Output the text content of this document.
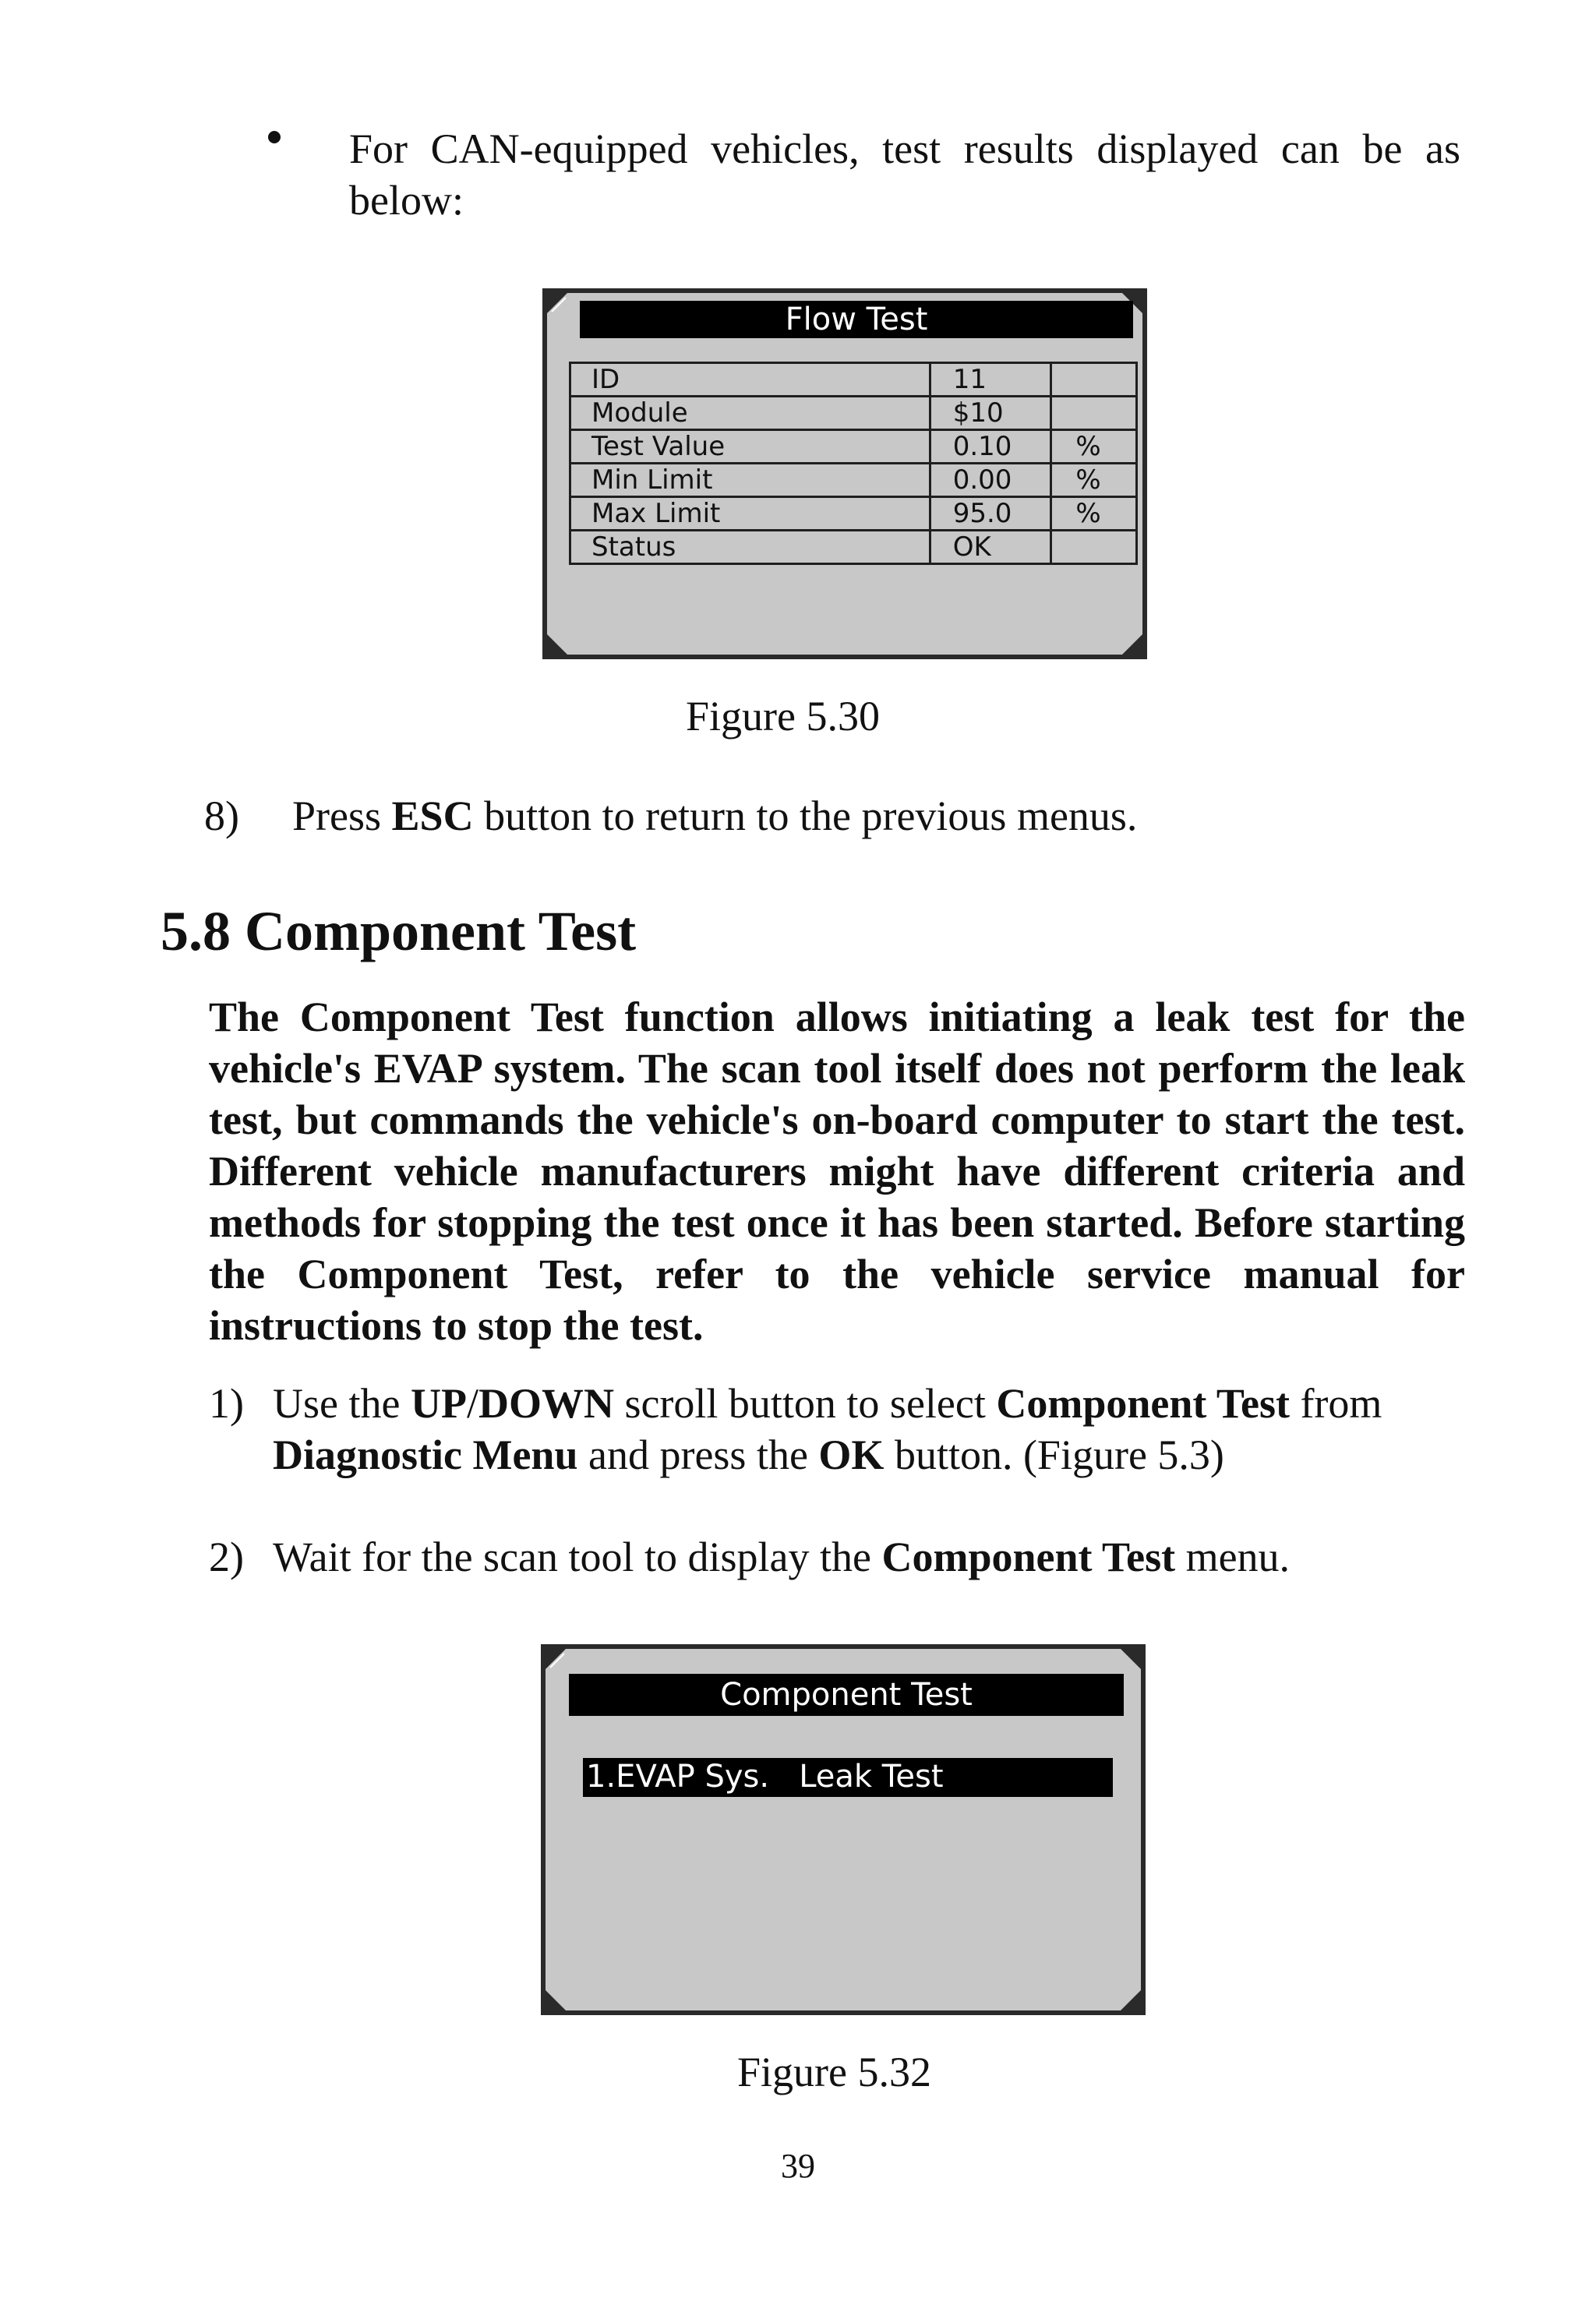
For CAN-equipped vehicles, test results displayed can be as below:
Flow Test
ID	11	
Module	$10	
Test Value	0.10	%
Min Limit	0.00	%
Max Limit	95.0	%
Status	OK	
Figure 5.30
8) Press ESC button to return to the previous menus.
5.8 Component Test
The Component Test function allows initiating a leak test for the vehicle's EVAP system. The scan tool itself does not perform the leak test, but commands the vehicle's on-board computer to start the test. Different vehicle manufacturers might have different criteria and methods for stopping the test once it has been started. Before starting the Component Test, refer to the vehicle service manual for instructions to stop the test.
1) Use the UP/DOWN scroll button to select Component Test from Diagnostic Menu and press the OK button. (Figure 5.3)
2) Wait for the scan tool to display the Component Test menu.
Component Test
1.EVAP Sys.   Leak Test
Figure 5.32
39
